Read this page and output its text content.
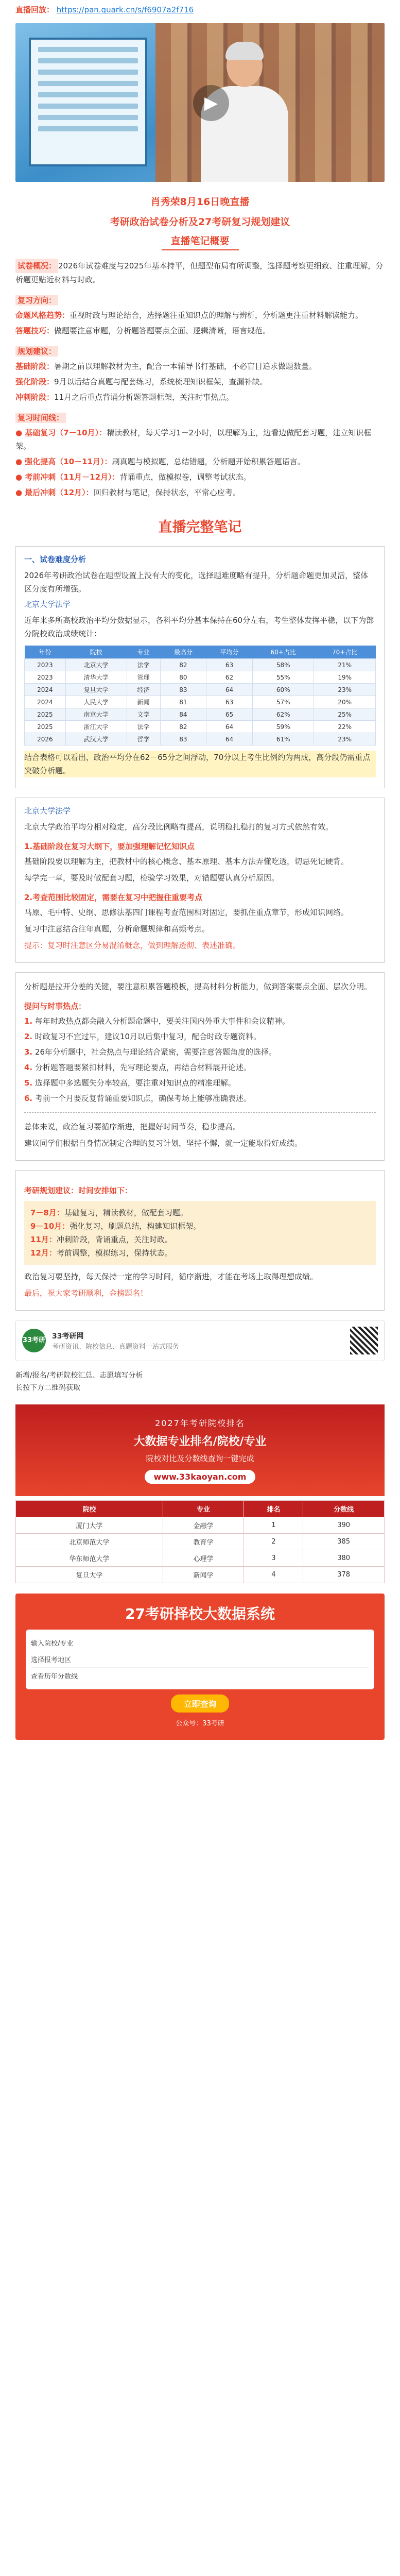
直播回放： https://pan.quark.cn/s/f6907a2f716
▶
肖秀荣8月16日晚直播
考研政治试卷分析及27考研复习规划建议
直播笔记概要

试卷概况： 2026年试卷难度与2025年基本持平，但题型布局有所调整，选择题考察更细致、注重理解，分析题更贴近材料与时政。

复习方向：
命题风格趋势：重视时政与理论结合，选择题注重知识点的理解与辨析，分析题更注重材料解读能力。
答题技巧：做题要注意审题，分析题答题要点全面、逻辑清晰，语言规范。
规划建议：
基础阶段：暑期之前以理解教材为主，配合一本辅导书打基础，不必盲目追求做题数量。
强化阶段：9月以后结合真题与配套练习，系统梳理知识框架，查漏补缺。
冲刺阶段：11月之后重点背诵分析题答题框架，关注时事热点。
复习时间线：
● 基础复习（7－10月）：精读教材，每天学习1－2小时，以理解为主，边看边做配套习题，建立知识框架。
● 强化提高（10－11月）：刷真题与模拟题，总结错题，分析题开始积累答题语言。
● 考前冲刺（11月－12月）：背诵重点，做模拟卷，调整考试状态。
● 最后冲刺（12月）：回归教材与笔记，保持状态，平常心应考。
直播完整笔记
一、试卷难度分析

2026年考研政治试卷在题型设置上没有大的变化，选择题难度略有提升，分析题命题更加灵活，整体区分度有所增强。

北京大学法学

近年来多所高校政治平均分数据显示，各科平均分基本保持在60分左右，考生整体发挥平稳，以下为部分院校政治成绩统计：

年份	院校	专业	最高分	平均分	60+占比	70+占比
2023	北京大学	法学	82	63	58%	21%
2023	清华大学	管理	80	62	55%	19%
2024	复旦大学	经济	83	64	60%	23%
2024	人民大学	新闻	81	63	57%	20%
2025	南京大学	文学	84	65	62%	25%
2025	浙江大学	法学	82	64	59%	22%
2026	武汉大学	哲学	83	64	61%	23%

结合表格可以看出，政治平均分在62－65分之间浮动，70分以上考生比例约为两成，高分段仍需重点突破分析题。

北京大学法学

北京大学政治平均分相对稳定，高分段比例略有提高，说明稳扎稳打的复习方式依然有效。

1.基础阶段在复习大纲下，要加强理解记忆知识点

基础阶段要以理解为主，把教材中的核心概念、基本原理、基本方法弄懂吃透，切忌死记硬背。

每学完一章，要及时做配套习题，检验学习效果，对错题要认真分析原因。

2.考查范围比较固定，需要在复习中把握住重要考点

马原、毛中特、史纲、思修法基四门课程考查范围相对固定，要抓住重点章节，形成知识网络。

复习中注意结合往年真题，分析命题规律和高频考点。

提示：复习时注意区分易混淆概念，做到理解透彻、表述准确。

分析题是拉开分差的关键，要注意积累答题模板，提高材料分析能力，做到答案要点全面、层次分明。

提问与时事热点：
1. 每年时政热点都会融入分析题命题中，要关注国内外重大事件和会议精神。
2. 时政复习不宜过早，建议10月以后集中复习，配合时政专题资料。
3. 26年分析题中，社会热点与理论结合紧密，需要注意答题角度的选择。
4. 分析题答题要紧扣材料，先写理论要点，再结合材料展开论述。
5. 选择题中多选题失分率较高，要注重对知识点的精准理解。
6. 考前一个月要反复背诵重要知识点，确保考场上能够准确表述。

总体来说，政治复习要循序渐进，把握好时间节奏，稳步提高。

建议同学们根据自身情况制定合理的复习计划，坚持不懈，就一定能取得好成绩。

考研规划建议：时间安排如下：
7－8月：基础复习，精读教材，做配套习题。
9－10月：强化复习，刷题总结，构建知识框架。
11月：冲刺阶段，背诵重点，关注时政。
12月：考前调整，模拟练习，保持状态。

政治复习要坚持，每天保持一定的学习时间，循序渐进，才能在考场上取得理想成绩。

最后，祝大家考研顺利，金榜题名！

33考研 33考研网
考研资讯、院校信息、真题资料一站式服务
新增/报名/考研院校汇总、志愿填写分析
长按下方二维码获取
2027年考研院校排名
大数据专业排名/院校/专业
院校对比及分数线查询一键完成
www.33kaoyan.com
院校	专业	排名	分数线
厦门大学	金融学	1	390
北京师范大学	教育学	2	385
华东师范大学	心理学	3	380
复旦大学	新闻学	4	378
27考研择校大数据系统
输入院校/专业
选择报考地区
查看历年分数线
立即查询
公众号：33考研
